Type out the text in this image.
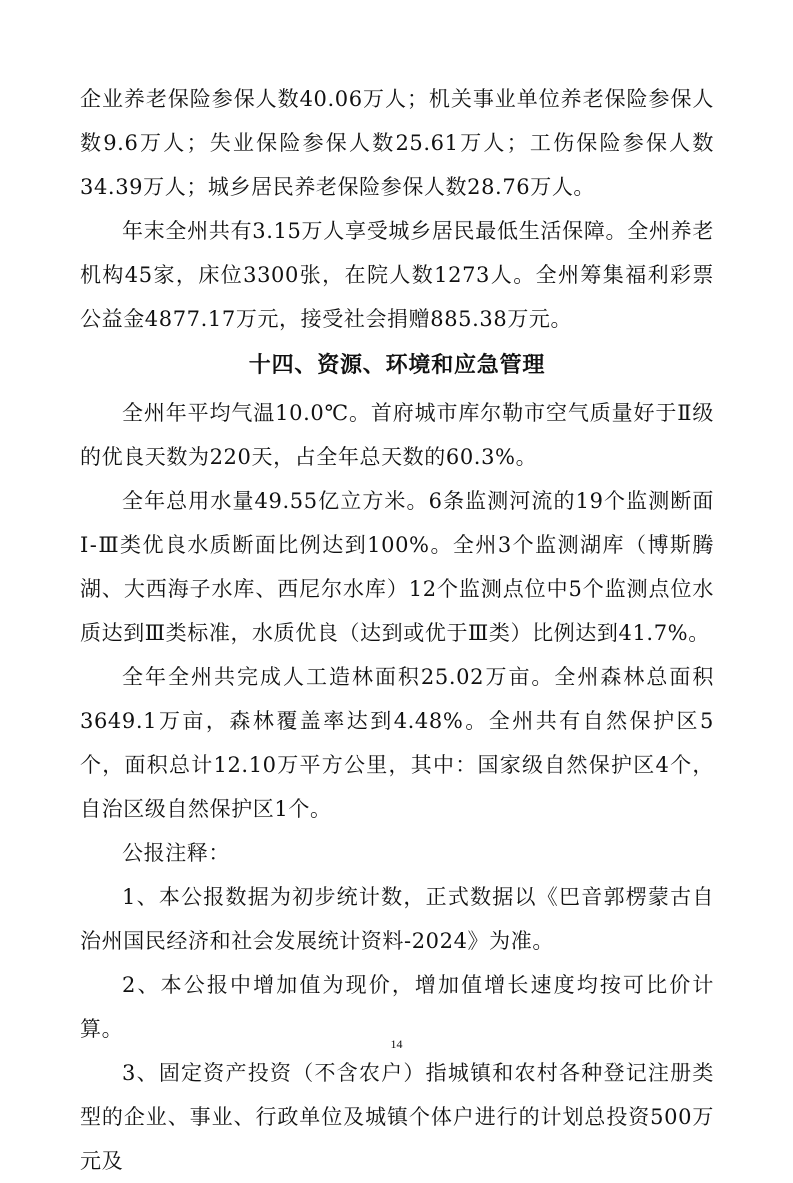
企业养老保险参保人数40.06万人；机关事业单位养老保险参保人数9.6万人；失业保险参保人数25.61万人；工伤保险参保人数34.39万人；城乡居民养老保险参保人数28.76万人。

年末全州共有3.15万人享受城乡居民最低生活保障。全州养老机构45家，床位3300张，在院人数1273人。全州筹集福利彩票公益金4877.17万元，接受社会捐赠885.38万元。

十四、资源、环境和应急管理

全州年平均气温10.0℃。首府城市库尔勒市空气质量好于Ⅱ级的优良天数为220天，占全年总天数的60.3%。

全年总用水量49.55亿立方米。6条监测河流的19个监测断面Ⅰ-Ⅲ类优良水质断面比例达到100%。全州3个监测湖库（博斯腾湖、大西海子水库、西尼尔水库）12个监测点位中5个监测点位水质达到Ⅲ类标准，水质优良（达到或优于Ⅲ类）比例达到41.7%。

全年全州共完成人工造林面积25.02万亩。全州森林总面积3649.1万亩，森林覆盖率达到4.48%。全州共有自然保护区5个，面积总计12.10万平方公里，其中：国家级自然保护区4个，自治区级自然保护区1个。

公报注释：

1、本公报数据为初步统计数，正式数据以《巴音郭楞蒙古自治州国民经济和社会发展统计资料-2024》为准。

2、本公报中增加值为现价，增加值增长速度均按可比价计算。

3、固定资产投资（不含农户）指城镇和农村各种登记注册类型的企业、事业、行政单位及城镇个体户进行的计划总投资500万元及

14
